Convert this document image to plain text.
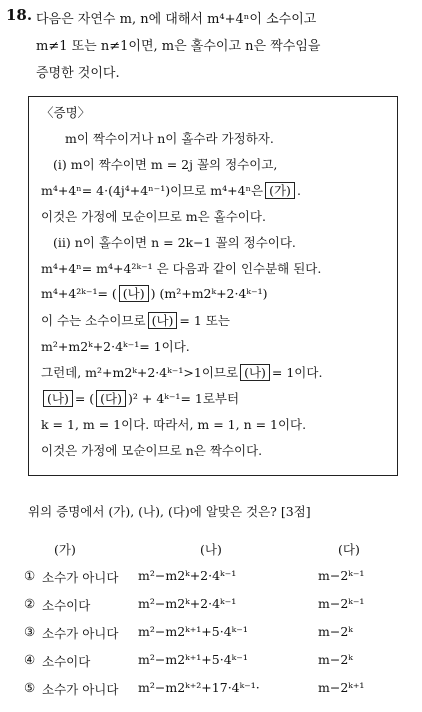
18. 다음은 자연수 m, n에 대해서 m⁴+4ⁿ이 소수이고
m≠1 또는 n≠1이면, m은 홀수이고 n은 짝수임을
증명한 것이다.
〈증명〉
m이 짝수이거나 n이 홀수라 가정하자.
(i) m이 짝수이면 m = 2j 꼴의 정수이고,
m⁴+4ⁿ= 4·(4j⁴+4ⁿ⁻¹)이므로 m⁴+4ⁿ은 (가) .
이것은 가정에 모순이므로 m은 홀수이다.
(ii) n이 홀수이면 n = 2k−1 꼴의 정수이다.
m⁴+4ⁿ= m⁴+4²ᵏ⁻¹ 은 다음과 같이 인수분해 된다.
m⁴+4²ᵏ⁻¹= ( (나) ) (m²+m2ᵏ+2·4ᵏ⁻¹)
이 수는 소수이므로 (나) = 1 또는
m²+m2ᵏ+2·4ᵏ⁻¹= 1이다.
그런데, m²+m2ᵏ+2·4ᵏ⁻¹>1이므로 (나) = 1이다.
(나) = ( (다) )² + 4ᵏ⁻¹= 1로부터
k = 1, m = 1이다. 따라서, m = 1, n = 1이다.
이것은 가정에 모순이므로 n은 짝수이다.
위의 증명에서 (가), (나), (다)에 알맞은 것은? [3점]
(가)	(나)	(다)
① 소수가 아니다 m²−m2ᵏ+2·4ᵏ⁻¹	m−2ᵏ⁻¹
② 소수이다	m²−m2ᵏ+2·4ᵏ⁻¹	m−2ᵏ⁻¹
③ 소수가 아니다 m²−m2ᵏ⁺¹+5·4ᵏ⁻¹	m−2ᵏ
④ 소수이다	m²−m2ᵏ⁺¹+5·4ᵏ⁻¹	m−2ᵏ
⑤ 소수가 아니다 m²−m2ᵏ⁺²+17·4ᵏ⁻¹·	m−2ᵏ⁺¹
